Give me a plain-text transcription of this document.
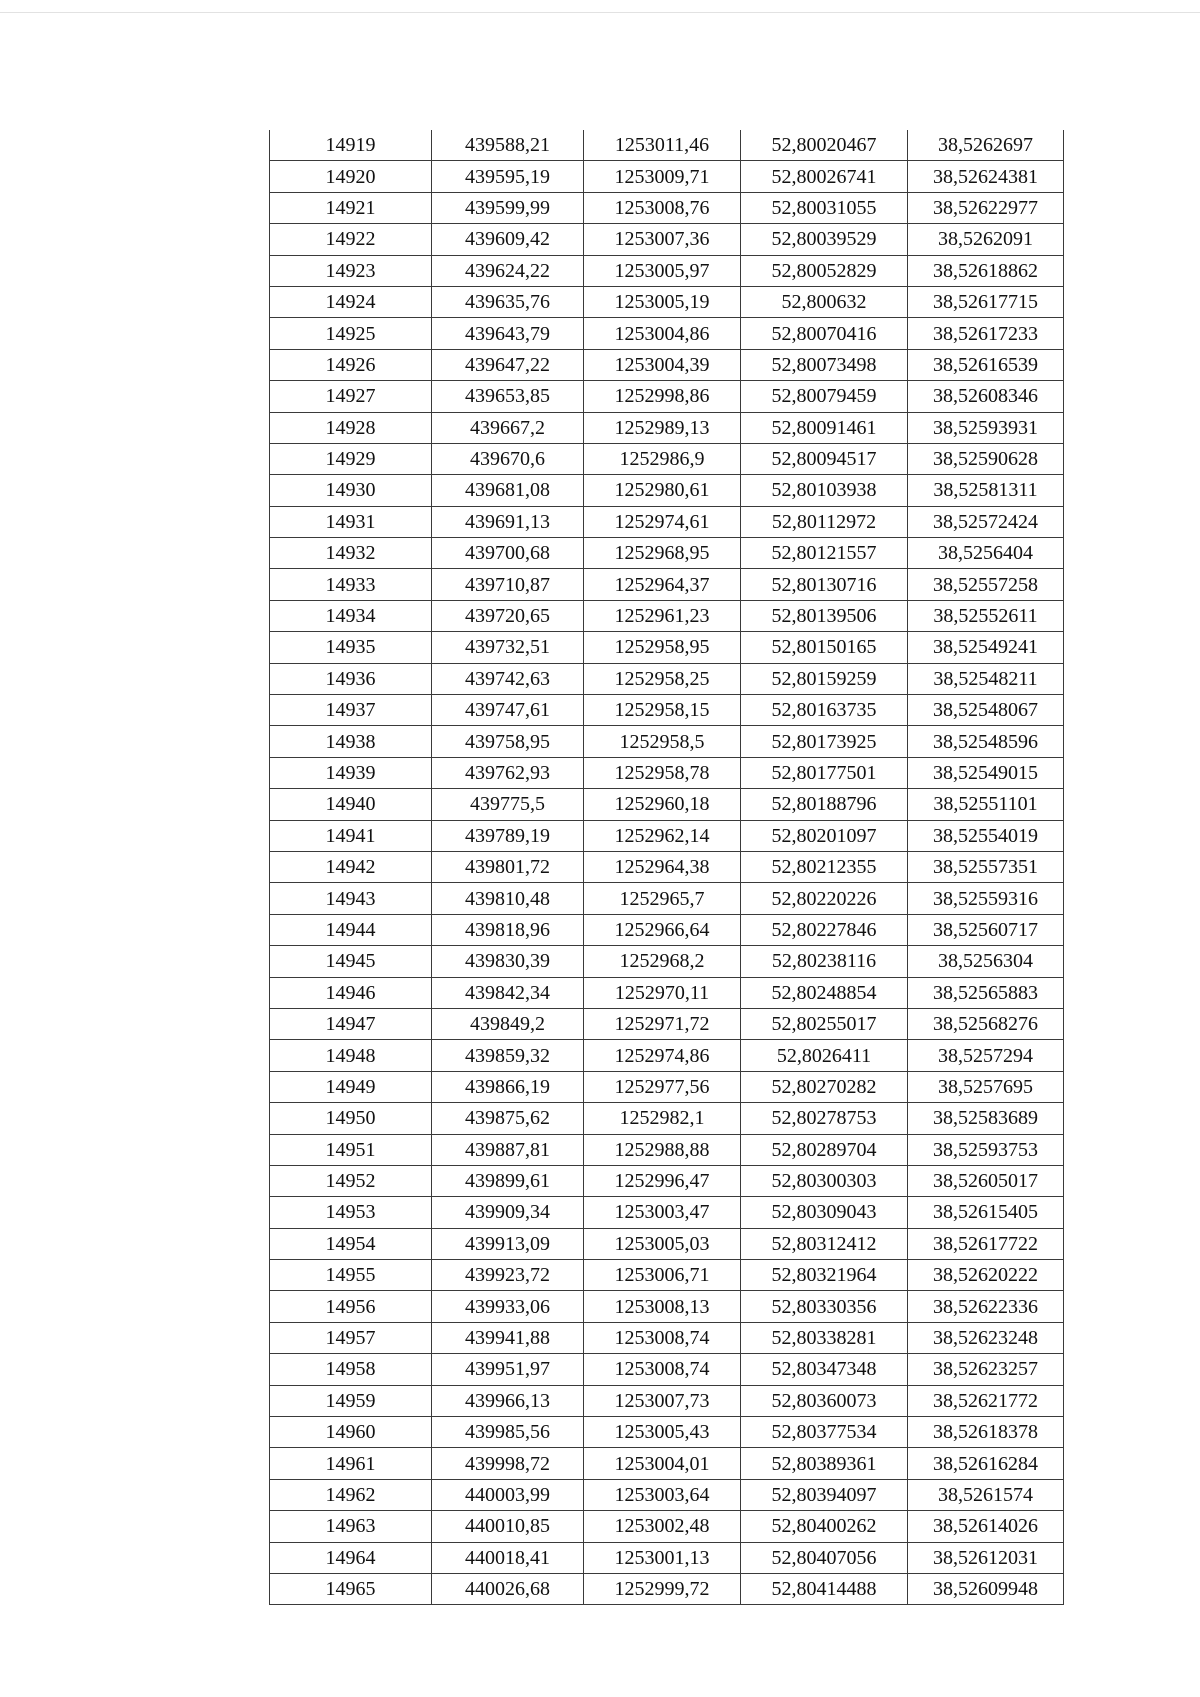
14919	439588,21	1253011,46	52,80020467	38,5262697
14920	439595,19	1253009,71	52,80026741	38,52624381
14921	439599,99	1253008,76	52,80031055	38,52622977
14922	439609,42	1253007,36	52,80039529	38,5262091
14923	439624,22	1253005,97	52,80052829	38,52618862
14924	439635,76	1253005,19	52,800632	38,52617715
14925	439643,79	1253004,86	52,80070416	38,52617233
14926	439647,22	1253004,39	52,80073498	38,52616539
14927	439653,85	1252998,86	52,80079459	38,52608346
14928	439667,2	1252989,13	52,80091461	38,52593931
14929	439670,6	1252986,9	52,80094517	38,52590628
14930	439681,08	1252980,61	52,80103938	38,52581311
14931	439691,13	1252974,61	52,80112972	38,52572424
14932	439700,68	1252968,95	52,80121557	38,5256404
14933	439710,87	1252964,37	52,80130716	38,52557258
14934	439720,65	1252961,23	52,80139506	38,52552611
14935	439732,51	1252958,95	52,80150165	38,52549241
14936	439742,63	1252958,25	52,80159259	38,52548211
14937	439747,61	1252958,15	52,80163735	38,52548067
14938	439758,95	1252958,5	52,80173925	38,52548596
14939	439762,93	1252958,78	52,80177501	38,52549015
14940	439775,5	1252960,18	52,80188796	38,52551101
14941	439789,19	1252962,14	52,80201097	38,52554019
14942	439801,72	1252964,38	52,80212355	38,52557351
14943	439810,48	1252965,7	52,80220226	38,52559316
14944	439818,96	1252966,64	52,80227846	38,52560717
14945	439830,39	1252968,2	52,80238116	38,5256304
14946	439842,34	1252970,11	52,80248854	38,52565883
14947	439849,2	1252971,72	52,80255017	38,52568276
14948	439859,32	1252974,86	52,8026411	38,5257294
14949	439866,19	1252977,56	52,80270282	38,5257695
14950	439875,62	1252982,1	52,80278753	38,52583689
14951	439887,81	1252988,88	52,80289704	38,52593753
14952	439899,61	1252996,47	52,80300303	38,52605017
14953	439909,34	1253003,47	52,80309043	38,52615405
14954	439913,09	1253005,03	52,80312412	38,52617722
14955	439923,72	1253006,71	52,80321964	38,52620222
14956	439933,06	1253008,13	52,80330356	38,52622336
14957	439941,88	1253008,74	52,80338281	38,52623248
14958	439951,97	1253008,74	52,80347348	38,52623257
14959	439966,13	1253007,73	52,80360073	38,52621772
14960	439985,56	1253005,43	52,80377534	38,52618378
14961	439998,72	1253004,01	52,80389361	38,52616284
14962	440003,99	1253003,64	52,80394097	38,5261574
14963	440010,85	1253002,48	52,80400262	38,52614026
14964	440018,41	1253001,13	52,80407056	38,52612031
14965	440026,68	1252999,72	52,80414488	38,52609948
